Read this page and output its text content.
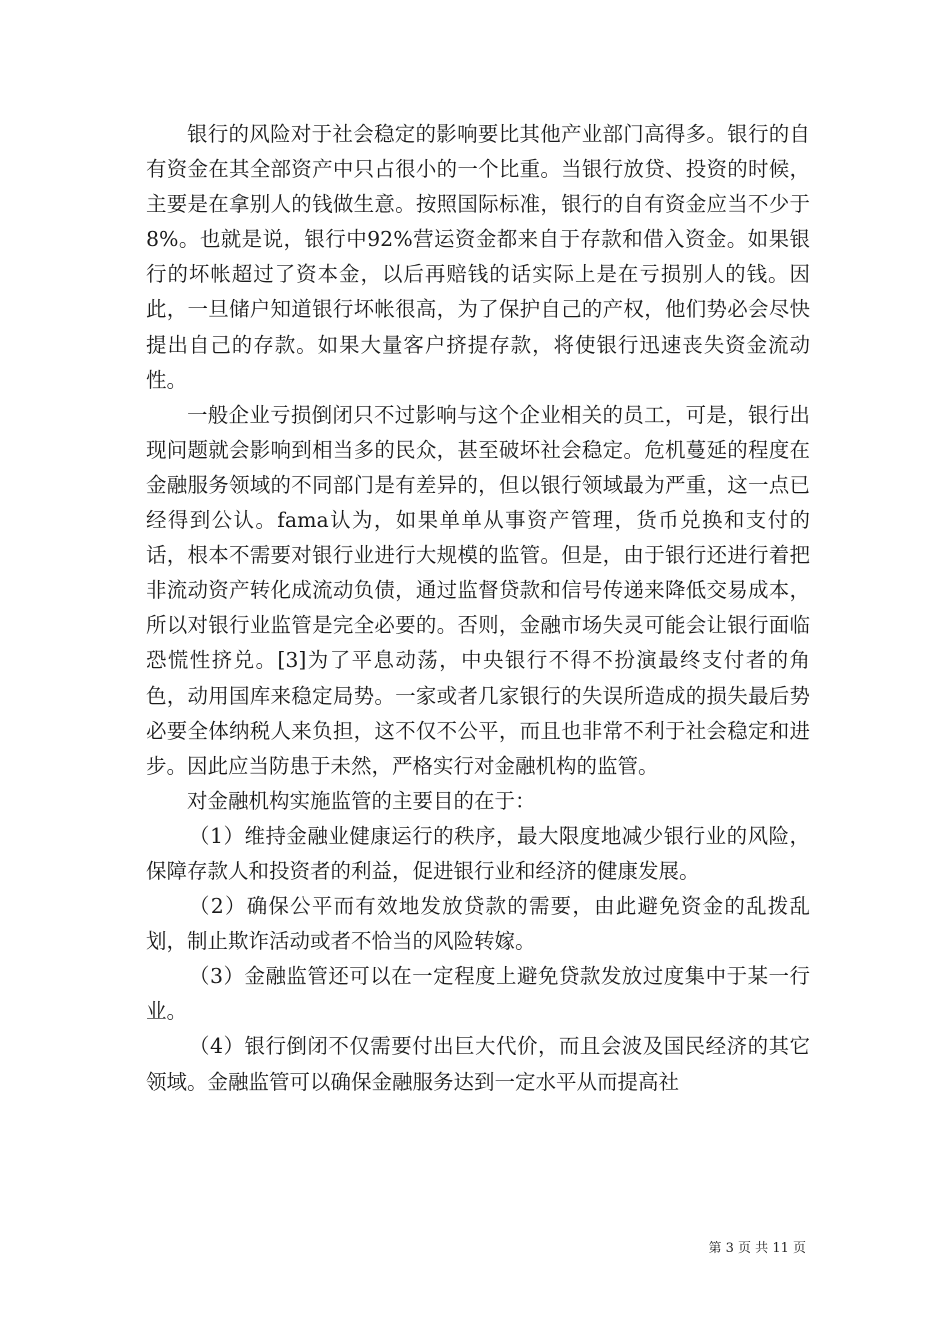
银行的风险对于社会稳定的影响要比其他产业部门高得多。银行的自有资金在其全部资产中只占很小的一个比重。当银行放贷、投资的时候，主要是在拿别人的钱做生意。按照国际标准，银行的自有资金应当不少于8%。也就是说，银行中92%营运资金都来自于存款和借入资金。如果银行的坏帐超过了资本金，以后再赔钱的话实际上是在亏损别人的钱。因此，一旦储户知道银行坏帐很高，为了保护自己的产权，他们势必会尽快提出自己的存款。如果大量客户挤提存款，将使银行迅速丧失资金流动性。

一般企业亏损倒闭只不过影响与这个企业相关的员工，可是，银行出现问题就会影响到相当多的民众，甚至破坏社会稳定。危机蔓延的程度在金融服务领域的不同部门是有差异的，但以银行领域最为严重，这一点已经得到公认。fama认为，如果单单从事资产管理，货币兑换和支付的话，根本不需要对银行业进行大规模的监管。但是，由于银行还进行着把非流动资产转化成流动负债，通过监督贷款和信号传递来降低交易成本，所以对银行业监管是完全必要的。否则，金融市场失灵可能会让银行面临恐慌性挤兑。[3]为了平息动荡，中央银行不得不扮演最终支付者的角色，动用国库来稳定局势。一家或者几家银行的失误所造成的损失最后势必要全体纳税人来负担，这不仅不公平，而且也非常不利于社会稳定和进步。因此应当防患于未然，严格实行对金融机构的监管。

对金融机构实施监管的主要目的在于：

（1）维持金融业健康运行的秩序，最大限度地减少银行业的风险，保障存款人和投资者的利益，促进银行业和经济的健康发展。

（2）确保公平而有效地发放贷款的需要，由此避免资金的乱拨乱划，制止欺诈活动或者不恰当的风险转嫁。

（3）金融监管还可以在一定程度上避免贷款发放过度集中于某一行业。

（4）银行倒闭不仅需要付出巨大代价，而且会波及国民经济的其它领域。金融监管可以确保金融服务达到一定水平从而提高社

第 3 页 共 11 页
